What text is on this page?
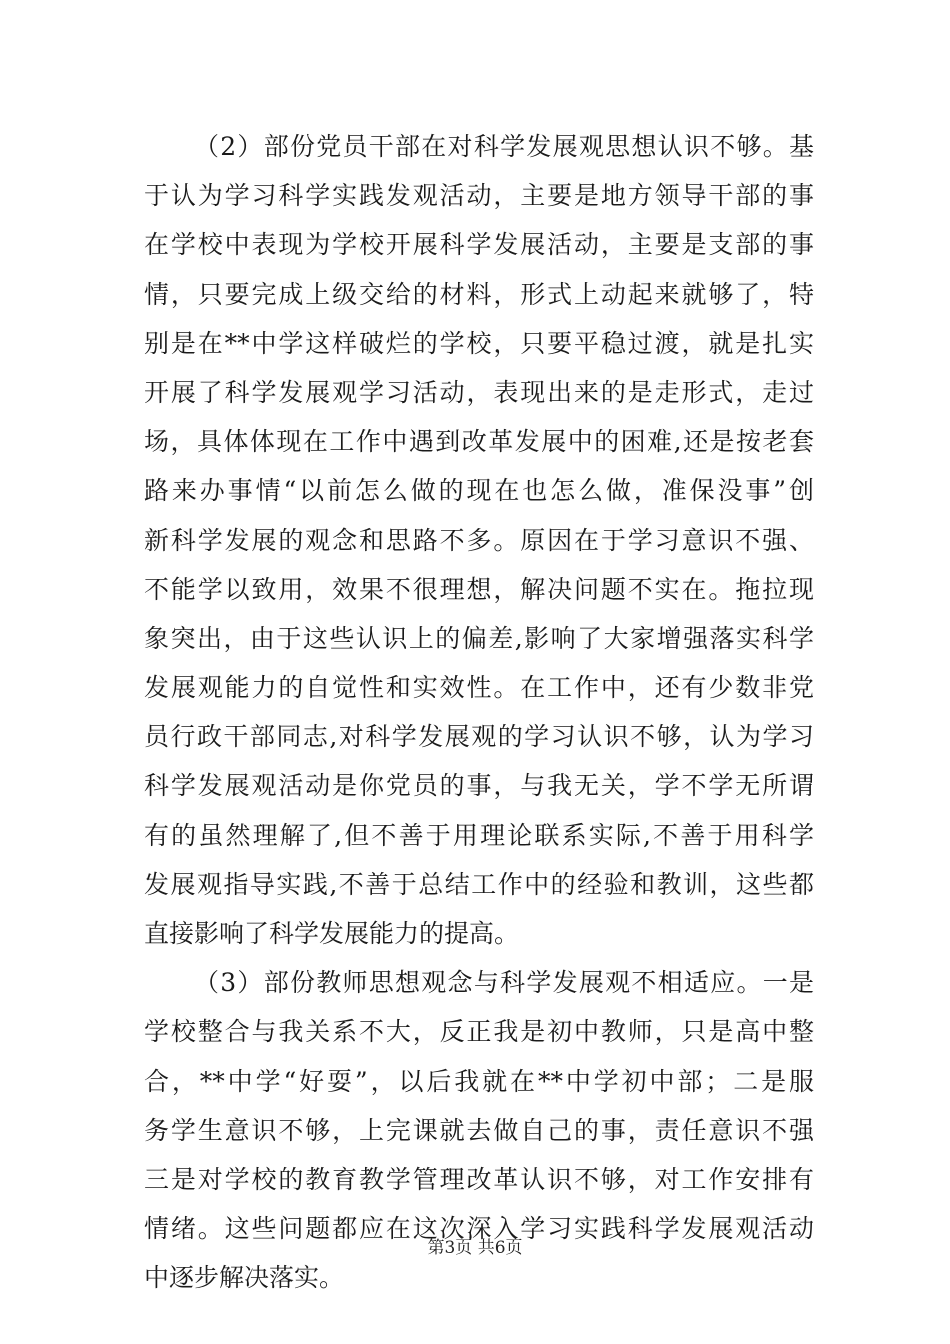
（2）部份党员干部在对科学发展观思想认识不够。基
于认为学习科学实践发观活动，主要是地方领导干部的事
在学校中表现为学校开展科学发展活动，主要是支部的事
情，只要完成上级交给的材料，形式上动起来就够了，特
别是在**中学这样破烂的学校，只要平稳过渡，就是扎实
开展了科学发展观学习活动，表现出来的是走形式，走过
场，具体体现在工作中遇到改革发展中的困难,还是按老套
路来办事情“以前怎么做的现在也怎么做，准保没事”创
新科学发展的观念和思路不多。原因在于学习意识不强、
不能学以致用，效果不很理想，解决问题不实在。拖拉现
象突出，由于这些认识上的偏差,影响了大家增强落实科学
发展观能力的自觉性和实效性。在工作中，还有少数非党
员行政干部同志,对科学发展观的学习认识不够，认为学习
科学发展观活动是你党员的事，与我无关，学不学无所谓
有的虽然理解了,但不善于用理论联系实际,不善于用科学
发展观指导实践,不善于总结工作中的经验和教训，这些都
直接影响了科学发展能力的提高。
（3）部份教师思想观念与科学发展观不相适应。一是
学校整合与我关系不大，反正我是初中教师，只是高中整
合，**中学“好耍”，以后我就在**中学初中部；二是服
务学生意识不够，上完课就去做自己的事，责任意识不强
三是对学校的教育教学管理改革认识不够，对工作安排有
情绪。这些问题都应在这次深入学习实践科学发展观活动
中逐步解决落实。
第3页 共6页
